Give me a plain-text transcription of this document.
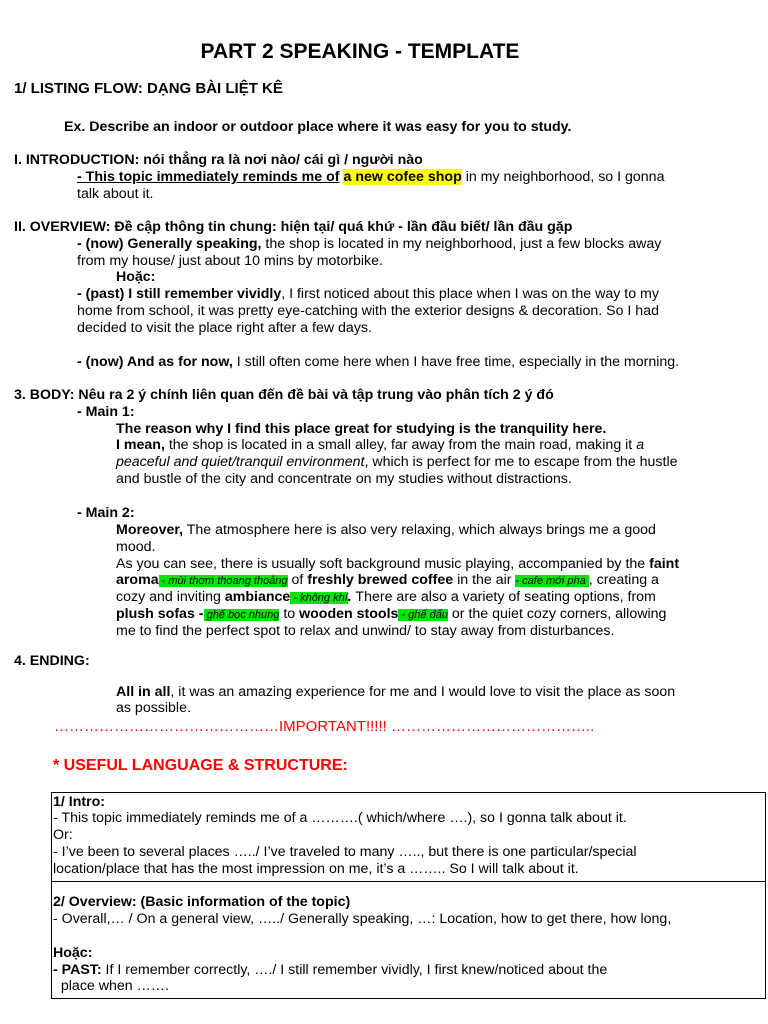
PART 2 SPEAKING - TEMPLATE
1/ LISTING FLOW: DẠNG BÀI LIỆT KÊ
Ex. Describe an indoor or outdoor place where it was easy for you to study.
I. INTRODUCTION: nói thẳng ra là nơi nào/ cái gì / người nào
- This topic immediately reminds me of a new cofee shop in my neighborhood, so I gonna
talk about it.
II. OVERVIEW: Đề cập thông tin chung: hiện tại/ quá khứ - lần đầu biết/ lần đầu gặp
- (now) Generally speaking, the shop is located in my neighborhood, just a few blocks away
from my house/ just about 10 mins by motorbike.
Hoặc:
- (past) I still remember vividly, I first noticed about this place when I was on the way to my
home from school, it was pretty eye-catching with the exterior designs & decoration. So I had
decided to visit the place right after a few days.
- (now) And as for now, I still often come here when I have free time, especially in the morning.
3. BODY: Nêu ra 2 ý chính liên quan đến đề bài và tập trung vào phân tích 2 ý đó
- Main 1:
The reason why I find this place great for studying is the tranquility here.
I mean, the shop is located in a small alley, far away from the main road, making it a
peaceful and quiet/tranquil environment, which is perfect for me to escape from the hustle
and bustle of the city and concentrate on my studies without distractions.
- Main 2:
Moreover, The atmosphere here is also very relaxing, which always brings me a good
mood.
As you can see, there is usually soft background music playing, accompanied by the faint
aroma - mùi thơm thoang thoảng of freshly brewed coffee in the air - cafe mới pha , creating a
cozy and inviting ambiance - không khí. There are also a variety of seating options, from
plush sofas - ghế bọc nhung to wooden stools - ghế đẩu or the quiet cozy corners, allowing
me to find the perfect spot to relax and unwind/ to stay away from disturbances.
4. ENDING:
All in all, it was an amazing experience for me and I would love to visit the place as soon
as possible.
………………………………………IMPORTANT!!!!! …………………………………..
* USEFUL LANGUAGE & STRUCTURE:
1/ Intro:
- This topic immediately reminds me of a ……….( which/where ….), so I gonna talk about it.
Or:
- I’ve been to several places …../ I’ve traveled to many ….., but there is one particular/special
location/place that has the most impression on me, it’s a …….. So I will talk about it.
2/ Overview: (Basic information of the topic)
- Overall,… / On a general view, …../ Generally speaking, …: Location, how to get there, how long,
Hoặc:
- PAST: If I remember correctly, …./ I still remember vividly, I first knew/noticed about the
place when …….
